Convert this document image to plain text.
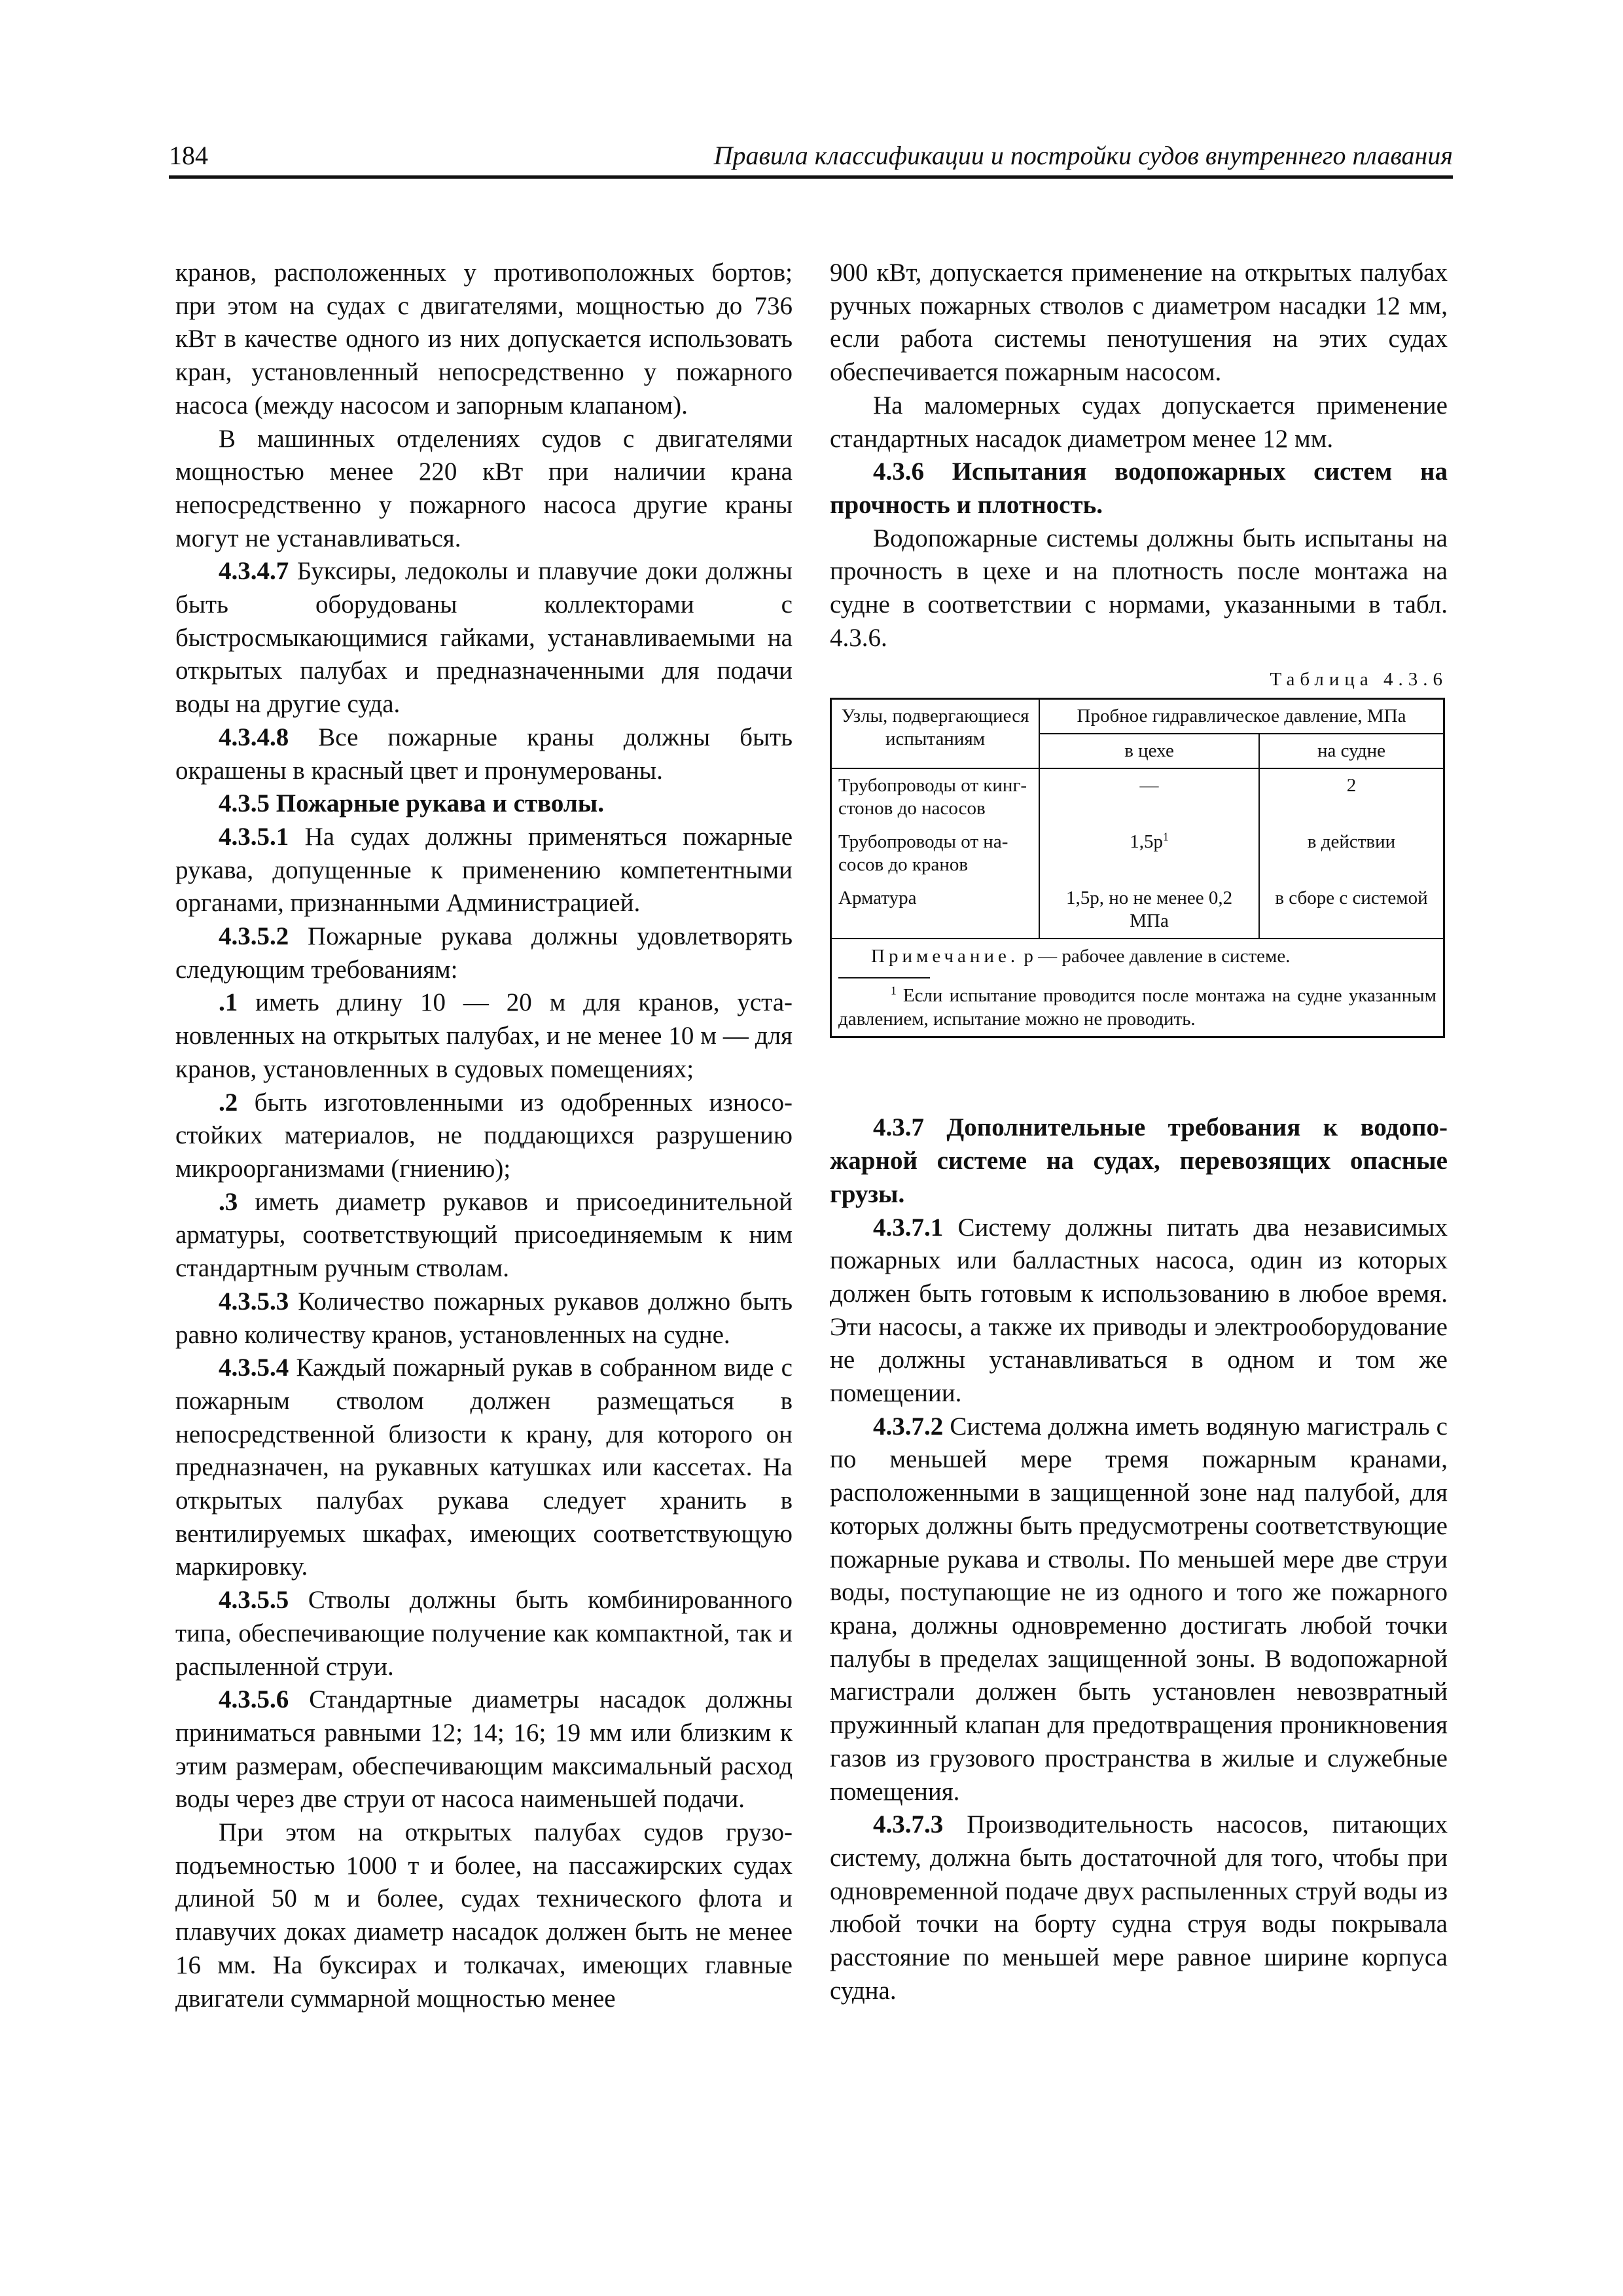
184	Правила классификации и постройки судов внутреннего плавания

кранов, расположенных у противоположных бортов; при этом на судах с двигателями, мощностью до 736 кВт в качестве одного из них допускается использовать кран, установленный непосредственно у пожарного насоса (между насосом и запорным клапаном).

В машинных отделениях судов с двигателями мощностью менее 220 кВт при наличии крана непосредственно у пожарного насоса другие краны могут не устанавливаться.

4.3.4.7 Буксиры, ледоколы и плавучие доки должны быть оборудованы коллекторами с быстросмыкающимися гайками, устанавливаемыми на открытых палубах и предназначенными для подачи воды на другие суда.

4.3.4.8 Все пожарные краны должны быть окрашены в красный цвет и пронумерованы.

4.3.5 Пожарные рукава и стволы.

4.3.5.1 На судах должны применяться пожарные рукава, допущенные к применению компетентными органами, признанными Администрацией.

4.3.5.2 Пожарные рукава должны удовлетворять следующим требованиям:

.1 иметь длину 10 — 20 м для кранов, установленных на открытых палубах, и не менее 10 м — для кранов, установленных в судовых помещениях;

.2 быть изготовленными из одобренных износостойких материалов, не поддающихся разрушению микроорганизмами (гниению);

.3 иметь диаметр рукавов и присоединительной арматуры, соответствующий присоединяемым к ним стандартным ручным стволам.

4.3.5.3 Количество пожарных рукавов должно быть равно количеству кранов, установленных на судне.

4.3.5.4 Каждый пожарный рукав в собранном виде с пожарным стволом должен размещаться в непосредственной близости к крану, для которого он предназначен, на рукавных катушках или кассетах. На открытых палубах рукава следует хранить в вентилируемых шкафах, имеющих соответствующую маркировку.

4.3.5.5 Стволы должны быть комбинированного типа, обеспечивающие получение как компактной, так и распыленной струи.

4.3.5.6 Стандартные диаметры насадок должны приниматься равными 12; 14; 16; 19 мм или близким к этим размерам, обеспечивающим максимальный расход воды через две струи от насоса наименьшей подачи.

При этом на открытых палубах судов грузоподъемностью 1000 т и более, на пассажирских судах длиной 50 м и более, судах технического флота и плавучих доках диаметр насадок должен быть не менее 16 мм. На буксирах и толкачах, имеющих главные двигатели суммарной мощностью менее

900 кВт, допускается применение на открытых палубах ручных пожарных стволов с диаметром насадки 12 мм, если работа системы пенотушения на этих судах обеспечивается пожарным насосом.

На маломерных судах допускается применение стандартных насадок диаметром менее 12 мм.

4.3.6 Испытания водопожарных систем на прочность и плотность.

Водопожарные системы должны быть испытаны на прочность в цехе и на плотность после монтажа на судне в соответствии с нормами, указанными в табл. 4.3.6.

Таблица 4.3.6
Узлы, подвергающиеся испытаниям	Пробное гидравлическое давление, МПа	
	в цехе	на судне
Трубопроводы от кингстонов до насосов	—	2
Трубопроводы от насосов до кранов	$1,5p^1$	в действии
Арматура	1,5p, но не менее 0,2 МПа	в сборе с системой

Примечание. p — рабочее давление в системе.
$^1$ Если испытание проводится после монтажа на судне указанным давлением, испытание можно не проводить.		

4.3.7 Дополнительные требования к водопожарной системе на судах, перевозящих опасные грузы.

4.3.7.1 Систему должны питать два независимых пожарных или балластных насоса, один из которых должен быть готовым к использованию в любое время. Эти насосы, а также их приводы и электрооборудование не должны устанавливаться в одном и том же помещении.

4.3.7.2 Система должна иметь водяную магистраль с по меньшей мере тремя пожарным кранами, расположенными в защищенной зоне над палубой, для которых должны быть предусмотрены соответствующие пожарные рукава и стволы. По меньшей мере две струи воды, поступающие не из одного и того же пожарного крана, должны одновременно достигать любой точки палубы в пределах защищенной зоны. В водопожарной магистрали должен быть установлен невозвратный пружинный клапан для предотвращения проникновения газов из грузового пространства в жилые и служебные помещения.

4.3.7.3 Производительность насосов, питающих систему, должна быть достаточной для того, чтобы при одновременной подаче двух распыленных струй воды из любой точки на борту судна струя воды покрывала расстояние по меньшей мере равное ширине корпуса судна.
